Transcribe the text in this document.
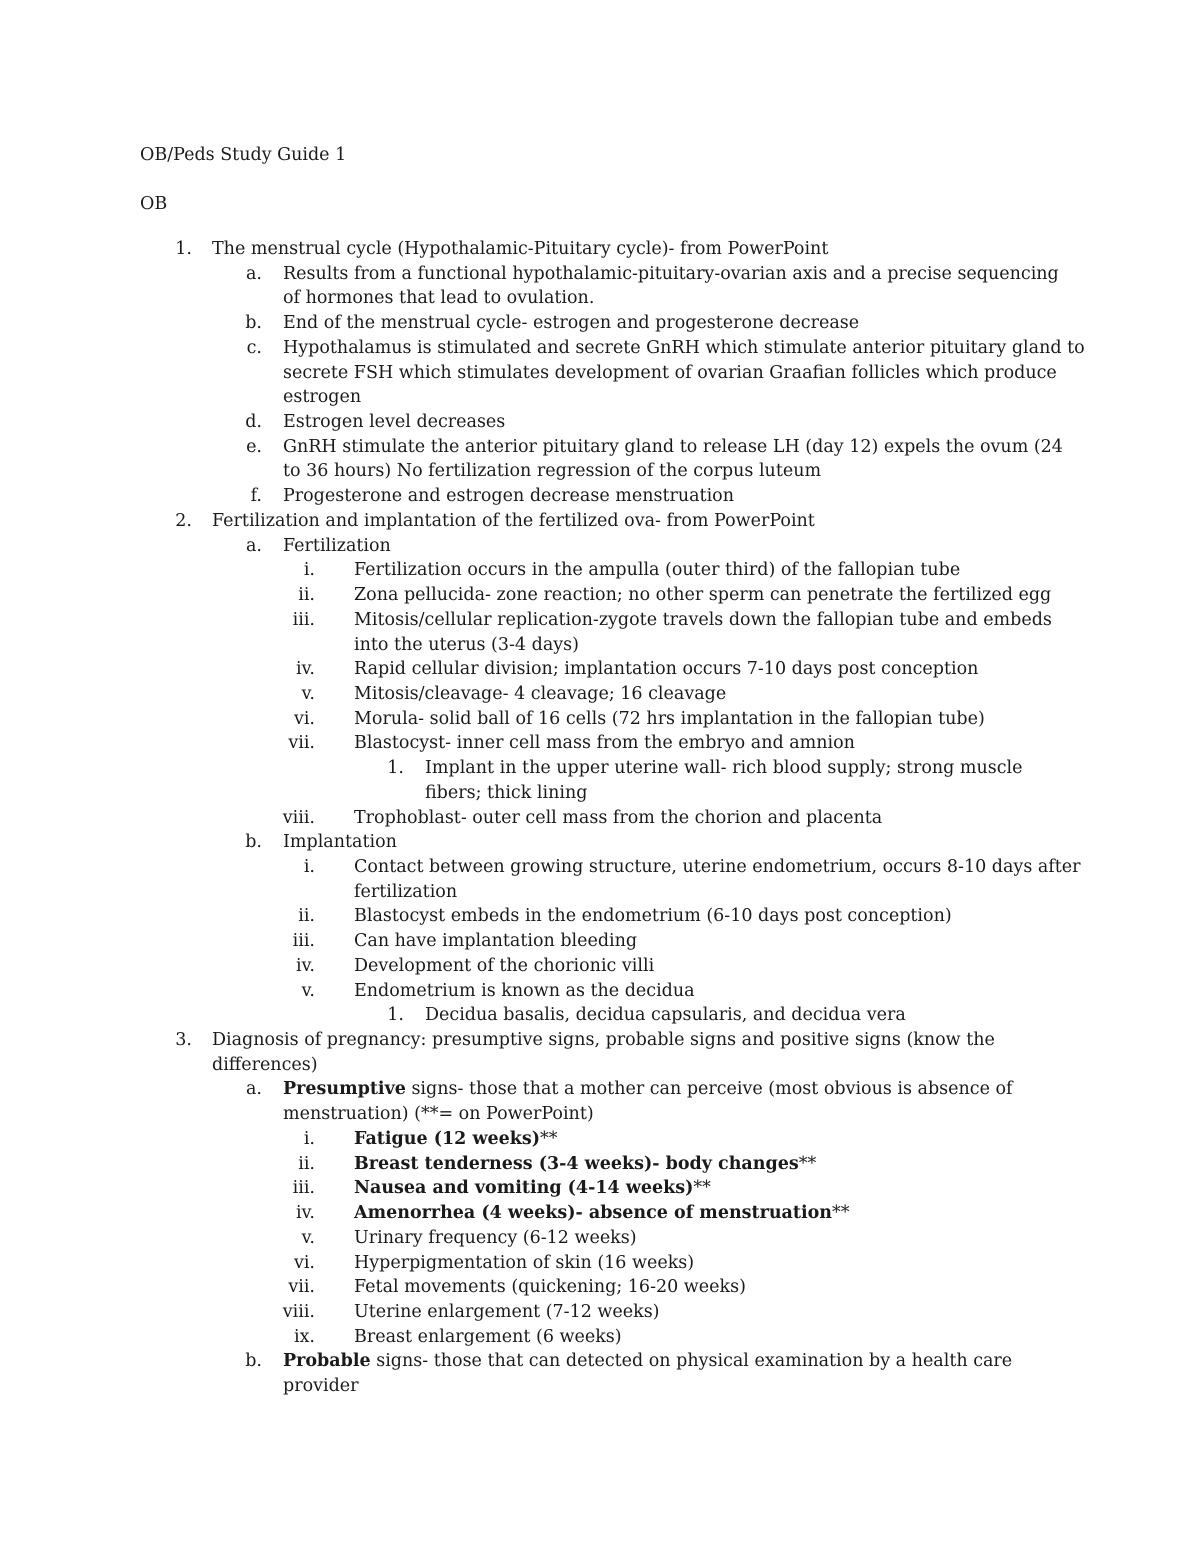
OB/Peds Study Guide 1
OB
1. The menstrual cycle (Hypothalamic-Pituitary cycle)- from PowerPoint
a. Results from a functional hypothalamic-pituitary-ovarian axis and a precise sequencing
of hormones that lead to ovulation.
b. End of the menstrual cycle- estrogen and progesterone decrease
c. Hypothalamus is stimulated and secrete GnRH which stimulate anterior pituitary gland to
secrete FSH which stimulates development of ovarian Graafian follicles which produce
estrogen
d. Estrogen level decreases
e. GnRH stimulate the anterior pituitary gland to release LH (day 12) expels the ovum (24
to 36 hours) No fertilization regression of the corpus luteum
f. Progesterone and estrogen decrease menstruation
2. Fertilization and implantation of the fertilized ova- from PowerPoint
a. Fertilization
i. Fertilization occurs in the ampulla (outer third) of the fallopian tube
ii. Zona pellucida- zone reaction; no other sperm can penetrate the fertilized egg
iii. Mitosis/cellular replication-zygote travels down the fallopian tube and embeds
into the uterus (3-4 days)
iv. Rapid cellular division; implantation occurs 7-10 days post conception
v. Mitosis/cleavage- 4 cleavage; 16 cleavage
vi. Morula- solid ball of 16 cells (72 hrs implantation in the fallopian tube)
vii. Blastocyst- inner cell mass from the embryo and amnion
1. Implant in the upper uterine wall- rich blood supply; strong muscle
fibers; thick lining
viii. Trophoblast- outer cell mass from the chorion and placenta
b. Implantation
i. Contact between growing structure, uterine endometrium, occurs 8-10 days after
fertilization
ii. Blastocyst embeds in the endometrium (6-10 days post conception)
iii. Can have implantation bleeding
iv. Development of the chorionic villi
v. Endometrium is known as the decidua
1. Decidua basalis, decidua capsularis, and decidua vera
3. Diagnosis of pregnancy: presumptive signs, probable signs and positive signs (know the
differences)
a. Presumptive signs- those that a mother can perceive (most obvious is absence of
menstruation) (**= on PowerPoint)
i. Fatigue (12 weeks)**
ii. Breast tenderness (3-4 weeks)- body changes**
iii. Nausea and vomiting (4-14 weeks)**
iv. Amenorrhea (4 weeks)- absence of menstruation**
v. Urinary frequency (6-12 weeks)
vi. Hyperpigmentation of skin (16 weeks)
vii. Fetal movements (quickening; 16-20 weeks)
viii. Uterine enlargement (7-12 weeks)
ix. Breast enlargement (6 weeks)
b. Probable signs- those that can detected on physical examination by a health care
provider
